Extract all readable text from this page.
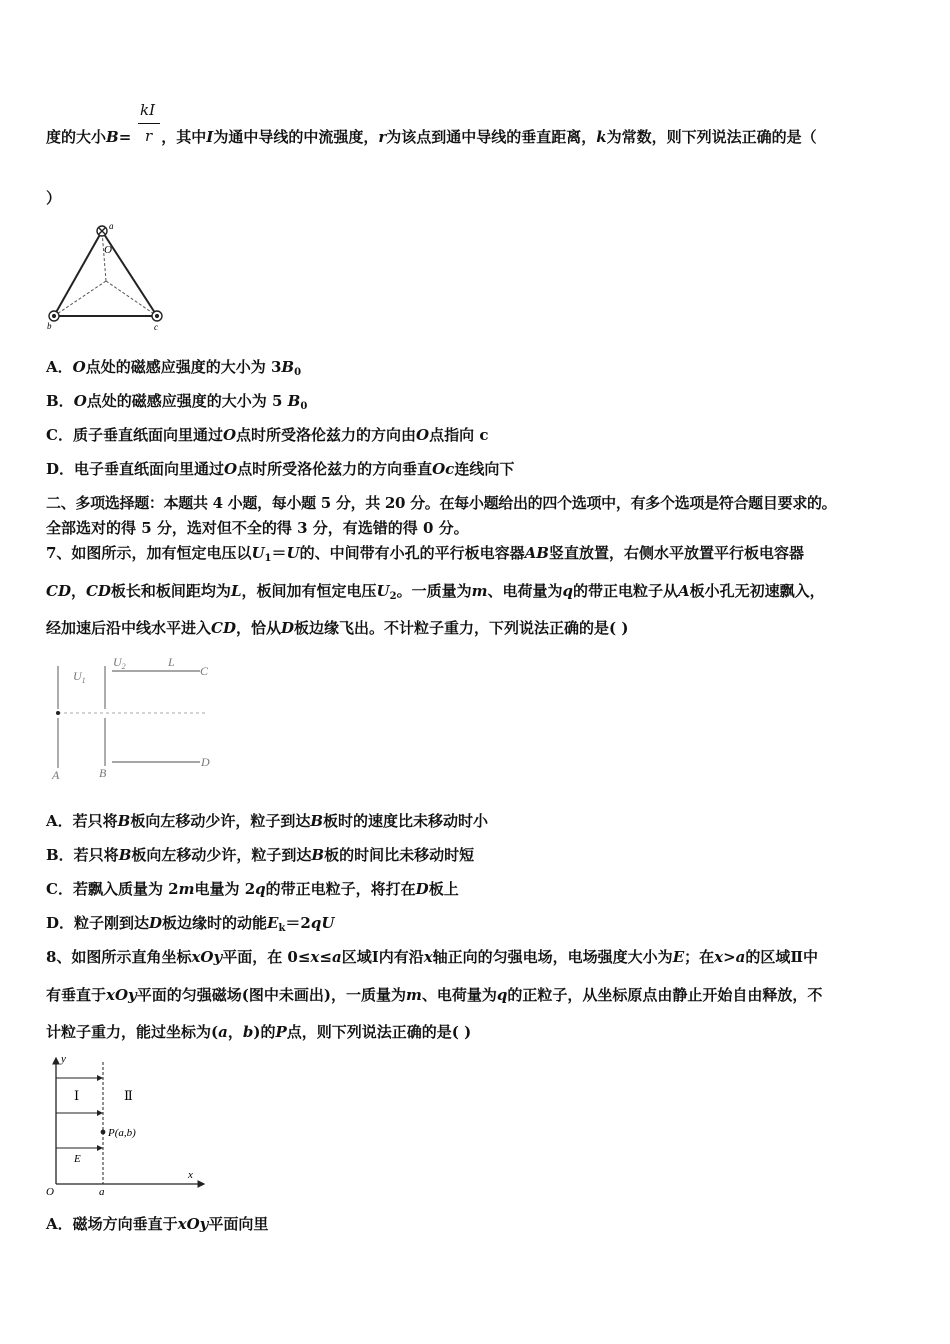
kI
r
度的大小B= ，其中I为通中导线的中流强度，r为该点到通中导线的垂直距离，k为常数，则下列说法正确的是（
）
a
O
b	c
A．O点处的磁感应强度的大小为 $3B_0$
B．O点处的磁感应强度的大小为 5 $B_0$
C．质子垂直纸面向里通过O点时所受洛伦兹力的方向由O点指向 c
D．电子垂直纸面向里通过O点时所受洛伦兹力的方向垂直Oc连线向下
二、多项选择题：本题共 4 小题，每小题 5 分，共 20 分。在每小题给出的四个选项中，有多个选项是符合题目要求的。
全部选对的得 5 分，选对但不全的得 3 分，有选错的得 0 分。
7、如图所示，加有恒定电压以$U_1=U$的、中间带有小孔的平行板电容器AB竖直放置，右侧水平放置平行板电容器
CD，CD板长和板间距均为L，板间加有恒定电压$U_2$。一质量为m、电荷量为q的带正电粒子从A板小孔无初速飘入，
经加速后沿中线水平进入CD，恰从D板边缘飞出。不计粒子重力，下列说法正确的是( )
$U_1$
$U_2$	L
C
D
A	B
A．若只将B板向左移动少许，粒子到达B板时的速度比未移动时小
B．若只将B板向左移动少许，粒子到达B板的时间比未移动时短
C．若飘入质量为 2m电量为 2q的带正电粒子，将打在D板上
D．粒子刚到达D板边缘时的动能$E_k=2qU$
8、如图所示直角坐标xOy平面，在 0≤x≤a区域Ⅰ内有沿x轴正向的匀强电场，电场强度大小为E；在x>a的区域Ⅱ中
有垂直于xOy平面的匀强磁场(图中未画出)，一质量为m、电荷量为q的正粒子，从坐标原点由静止开始自由释放，不
计粒子重力，能过坐标为(a，b)的P点，则下列说法正确的是( )
y
Ⅰ	Ⅱ
P(a,b)
E
x
O	a
A．磁场方向垂直于xOy平面向里
